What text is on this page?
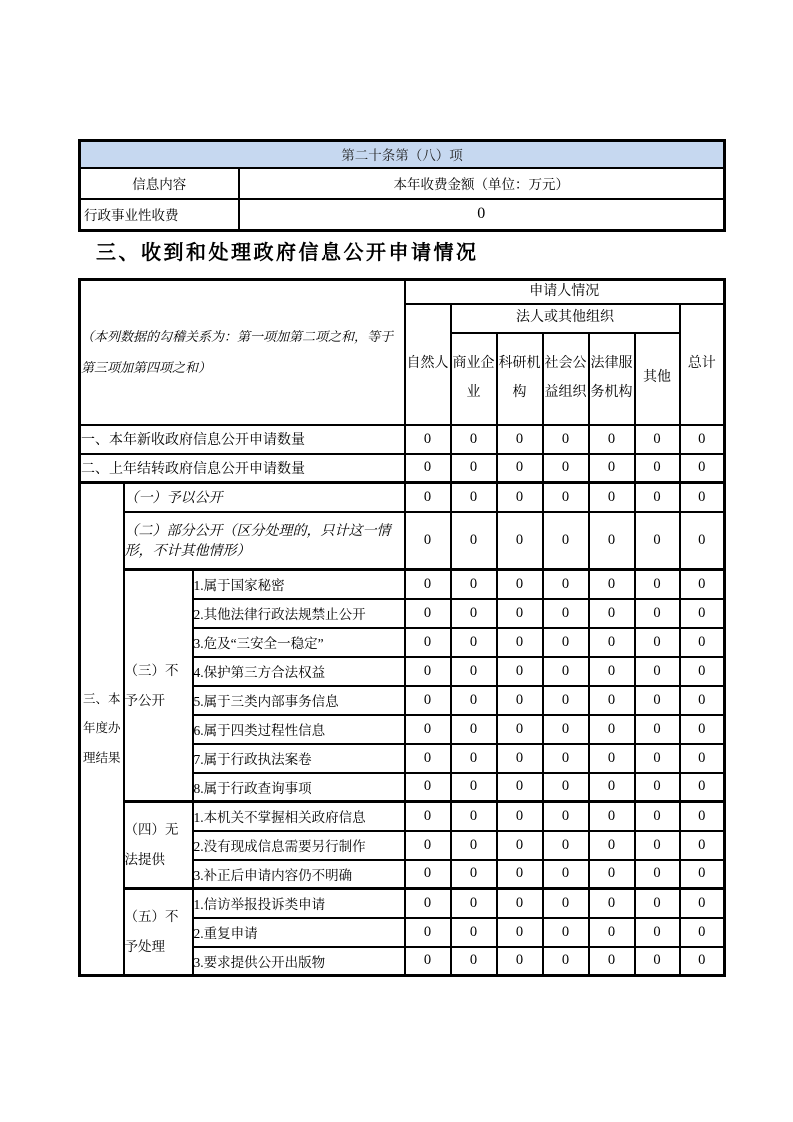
第二十条第（八）项	
信息内容	本年收费金额（单位：万元）
行政事业性收费	0
三、收到和处理政府信息公开申请情况
（本列数据的勾稽关系为：第一项加第二项之和，等于第三项加第四项之和）			申请人情况						
			自然人	法人或其他组织					总计
				商业企业	科研机构	社会公益组织	法律服务机构	其他	
一、本年新收政府信息公开申请数量			0	0	0	0	0	0	0
二、上年结转政府信息公开申请数量			0	0	0	0	0	0	0
三、本年度办理结果	（一）予以公开		0	0	0	0	0	0	0
	（二）部分公开（区分处理的，只计这一情形，不计其他情形）		0	0	0	0	0	0	0
	（三）不予公开	1.属于国家秘密	0	0	0	0	0	0	0
		2.其他法律行政法规禁止公开	0	0	0	0	0	0	0
		3.危及“三安全一稳定”	0	0	0	0	0	0	0
		4.保护第三方合法权益	0	0	0	0	0	0	0
		5.属于三类内部事务信息	0	0	0	0	0	0	0
		6.属于四类过程性信息	0	0	0	0	0	0	0
		7.属于行政执法案卷	0	0	0	0	0	0	0
		8.属于行政查询事项	0	0	0	0	0	0	0
	（四）无法提供	1.本机关不掌握相关政府信息	0	0	0	0	0	0	0
		2.没有现成信息需要另行制作	0	0	0	0	0	0	0
		3.补正后申请内容仍不明确	0	0	0	0	0	0	0
	（五）不予处理	1.信访举报投诉类申请	0	0	0	0	0	0	0
		2.重复申请	0	0	0	0	0	0	0
		3.要求提供公开出版物	0	0	0	0	0	0	0
